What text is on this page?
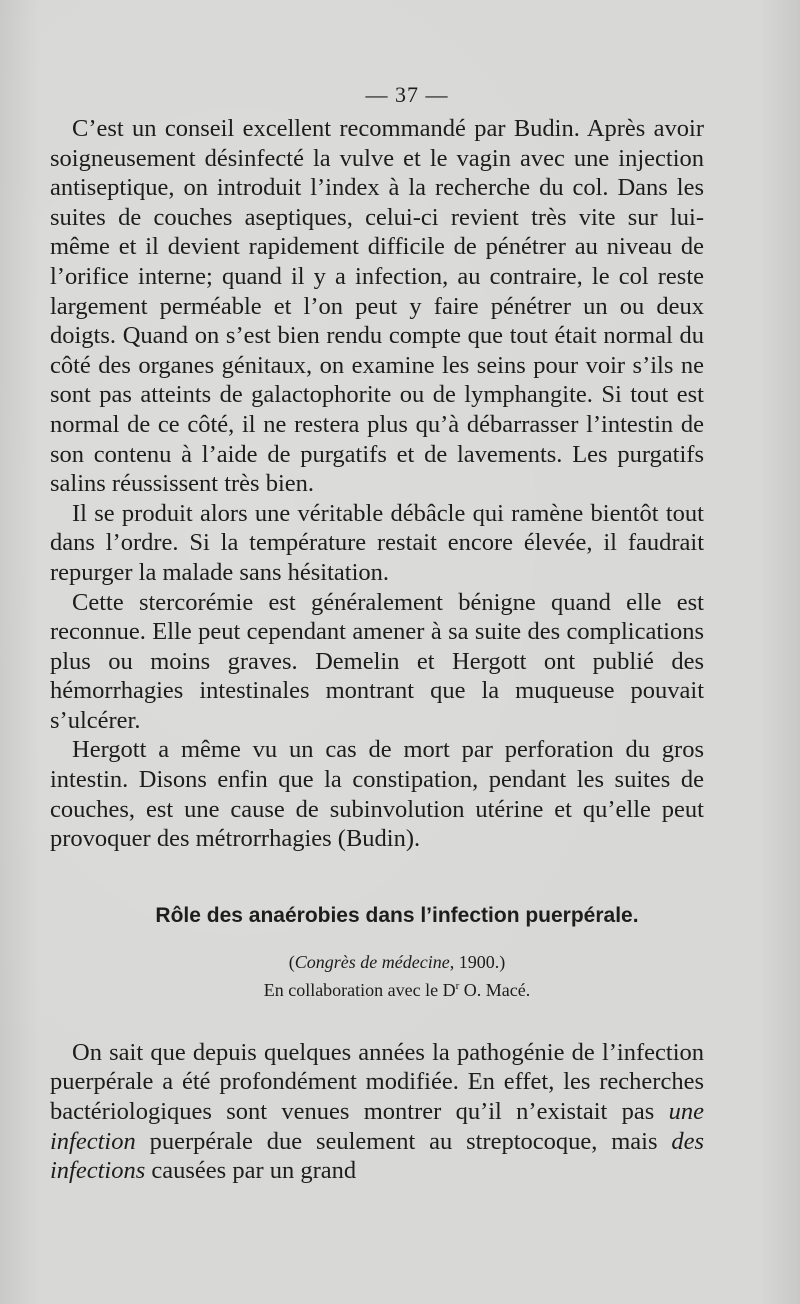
— 37 —

C’est un conseil excellent recommandé par Budin. Après avoir soigneusement désinfecté la vulve et le vagin avec une injection antiseptique, on introduit l’index à la recherche du col. Dans les suites de couches aseptiques, celui-ci revient très vite sur lui-même et il devient rapidement difficile de pénétrer au niveau de l’orifice interne; quand il y a infection, au contraire, le col reste largement perméable et l’on peut y faire pénétrer un ou deux doigts. Quand on s’est bien rendu compte que tout était normal du côté des organes génitaux, on examine les seins pour voir s’ils ne sont pas atteints de galactophorite ou de lymphangite. Si tout est normal de ce côté, il ne restera plus qu’à débarrasser l’intestin de son contenu à l’aide de purgatifs et de lavements. Les purgatifs salins réussissent très bien.

Il se produit alors une véritable débâcle qui ramène bientôt tout dans l’ordre. Si la température restait encore élevée, il faudrait repurger la malade sans hésitation.

Cette stercorémie est généralement bénigne quand elle est reconnue. Elle peut cependant amener à sa suite des complications plus ou moins graves. Demelin et Hergott ont publié des hémorrhagies intestinales montrant que la muqueuse pouvait s’ulcérer.

Hergott a même vu un cas de mort par perforation du gros intestin. Disons enfin que la constipation, pendant les suites de couches, est une cause de subinvolution utérine et qu’elle peut provoquer des métrorrhagies (Budin).

Rôle des anaérobies dans l’infection puerpérale.
(Congrès de médecine, 1900.)
En collaboration avec le $D^r$ O. Macé.

On sait que depuis quelques années la pathogénie de l’infection puerpérale a été profondément modifiée. En effet, les recherches bactériologiques sont venues montrer qu’il n’existait pas une infection puerpérale due seulement au streptocoque, mais des infections causées par un grand
